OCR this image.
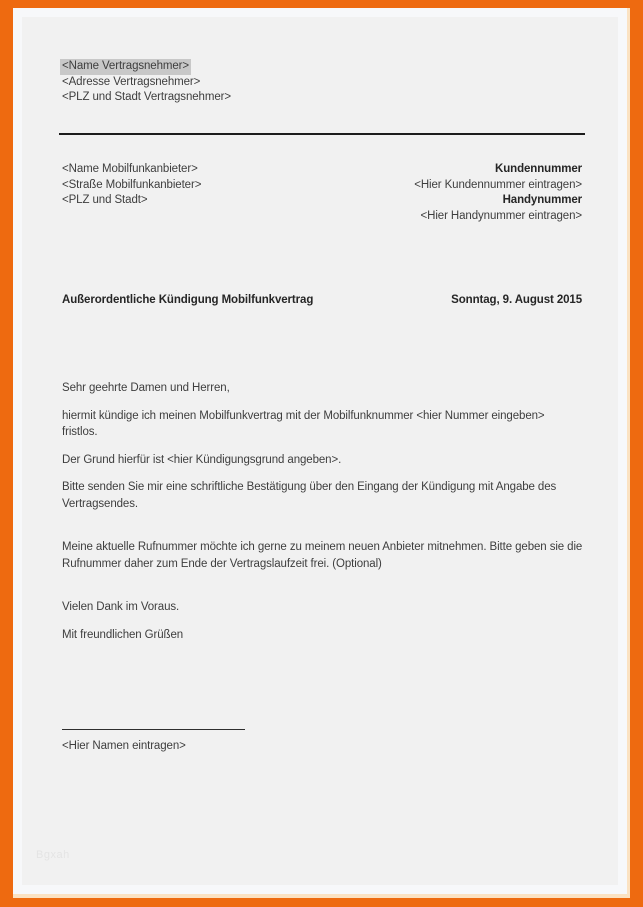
<Name Vertragsnehmer>
<Adresse Vertragsnehmer>
<PLZ und Stadt Vertragsnehmer>
<Name Mobilfunkanbieter>
<Straße Mobilfunkanbieter>
<PLZ und Stadt>
Kundennummer
<Hier Kundennummer eintragen>
Handynummer
<Hier Handynummer eintragen>
Außerordentliche Kündigung Mobilfunkvertrag	Sonntag, 9. August 2015

Sehr geehrte Damen und Herren,

hiermit kündige ich meinen Mobilfunkvertrag mit der Mobilfunknummer <hier Nummer eingeben> fristlos.

Der Grund hierfür ist <hier Kündigungsgrund angeben>.

Bitte senden Sie mir eine schriftliche Bestätigung über den Eingang der Kündigung mit Angabe des Vertragsendes.

Meine aktuelle Rufnummer möchte ich gerne zu meinem neuen Anbieter mitnehmen. Bitte geben sie die Rufnummer daher zum Ende der Vertragslaufzeit frei. (Optional)

Vielen Dank im Voraus.

Mit freundlichen Grüßen

<Hier Namen eintragen>
Bgxah
